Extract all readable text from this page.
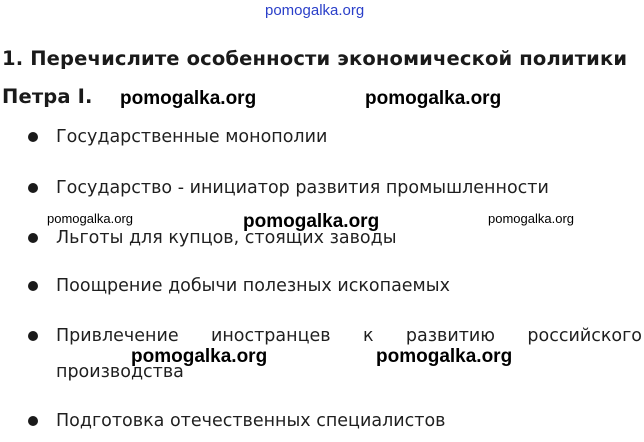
pomogalka.org
1. Перечислите особенности экономической политики Петра I.
Государственные монополии
Государство - инициатор развития промышленности
Льготы для купцов, стоящих заводы
Поощрение добычи полезных ископаемых
Привлечение иностранцев к развитию российского производства
Подготовка отечественных специалистов
pomogalka.org	pomogalka.org
pomogalka.org	pomogalka.org	pomogalka.org
pomogalka.org	pomogalka.org
